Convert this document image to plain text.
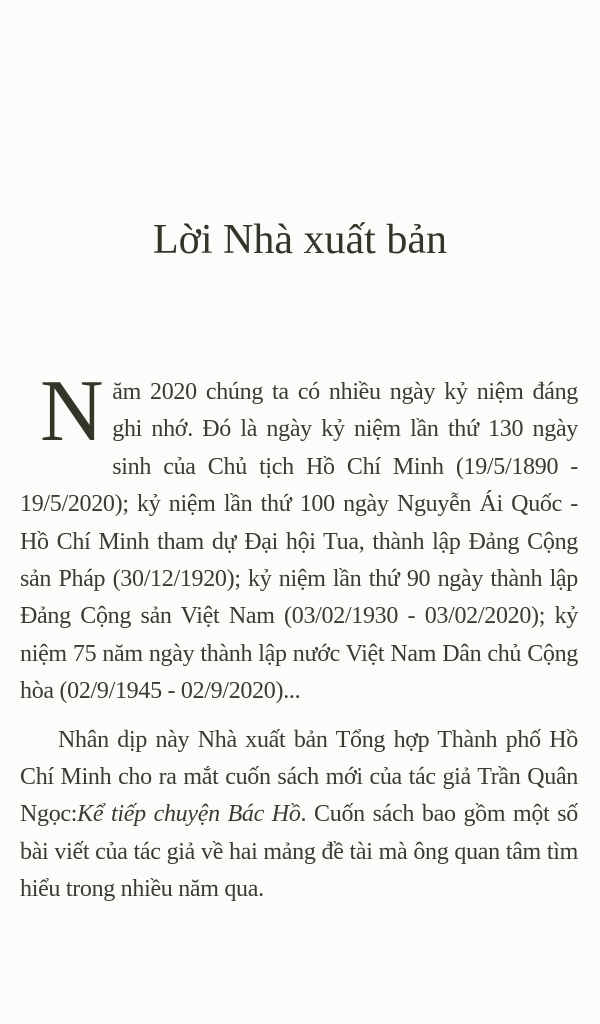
Lời Nhà xuất bản

Năm 2020 chúng ta có nhiều ngày kỷ niệm đáng ghi nhớ. Đó là ngày kỷ niệm lần thứ 130 ngày sinh của Chủ tịch Hồ Chí Minh (19/5/1890 - 19/5/2020); kỷ niệm lần thứ 100 ngày Nguyễn Ái Quốc - Hồ Chí Minh tham dự Đại hội Tua, thành lập Đảng Cộng sản Pháp (30/12/1920); kỷ niệm lần thứ 90 ngày thành lập Đảng Cộng sản Việt Nam (03/02/1930 - 03/02/2020); kỷ niệm 75 năm ngày thành lập nước Việt Nam Dân chủ Cộng hòa (02/9/1945 - 02/9/2020)...

Nhân dịp này Nhà xuất bản Tổng hợp Thành phố Hồ Chí Minh cho ra mắt cuốn sách mới của tác giả Trần Quân Ngọc:Kể tiếp chuyện Bác Hồ. Cuốn sách bao gồm một số bài viết của tác giả về hai mảng đề tài mà ông quan tâm tìm hiểu trong nhiều năm qua.
